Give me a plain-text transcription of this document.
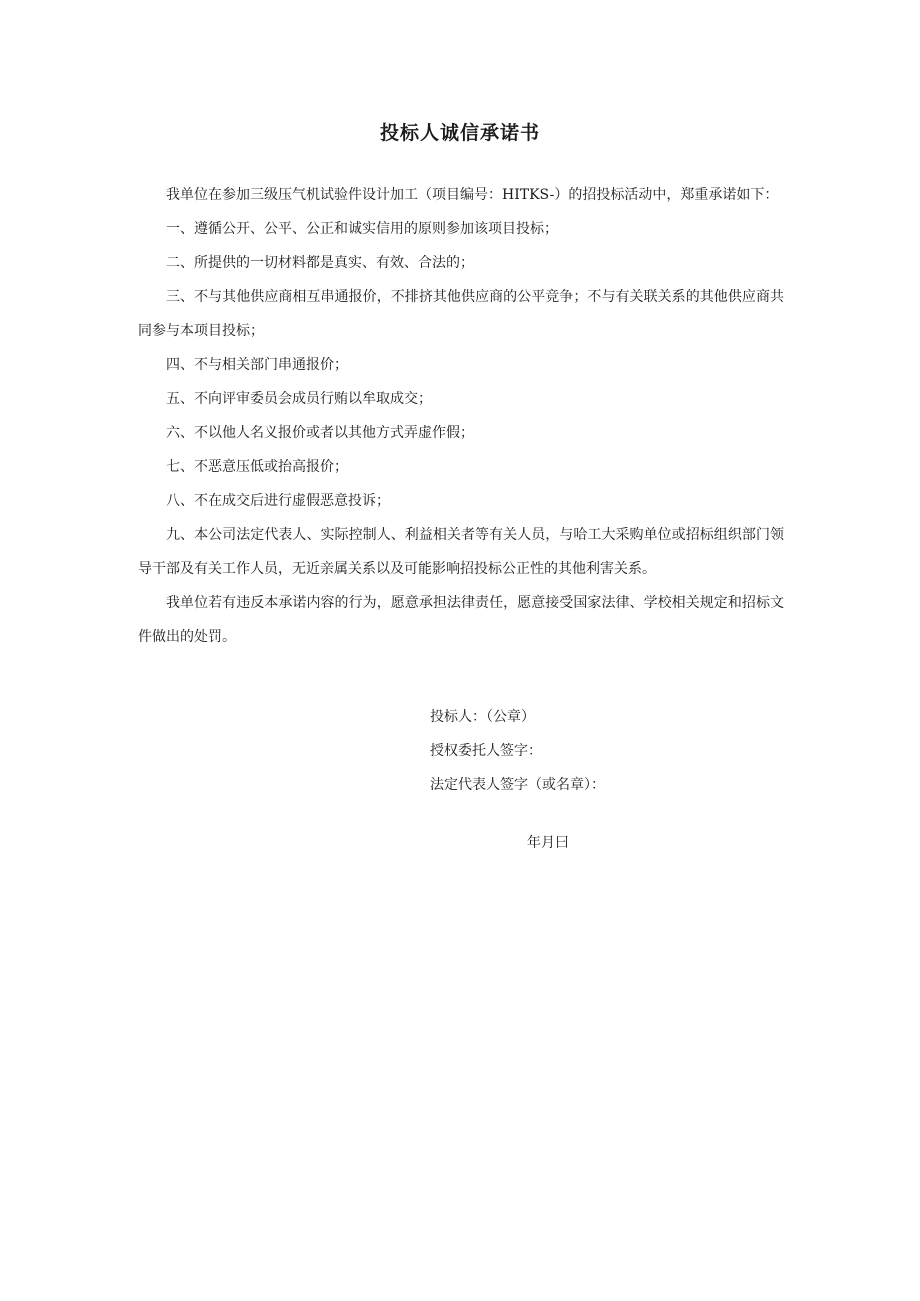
投标人诚信承诺书

我单位在参加三级压气机试验件设计加工（项目编号：HITKS-）的招投标活动中，郑重承诺如下：

一、遵循公开、公平、公正和诚实信用的原则参加该项目投标；

二、所提供的一切材料都是真实、有效、合法的；

三、不与其他供应商相互串通报价，不排挤其他供应商的公平竞争；不与有关联关系的其他供应商共同参与本项目投标；

四、不与相关部门串通报价；

五、不向评审委员会成员行贿以牟取成交；

六、不以他人名义报价或者以其他方式弄虚作假；

七、不恶意压低或抬高报价；

八、不在成交后进行虚假恶意投诉；

九、本公司法定代表人、实际控制人、利益相关者等有关人员，与哈工大采购单位或招标组织部门领导干部及有关工作人员，无近亲属关系以及可能影响招投标公正性的其他利害关系。

我单位若有违反本承诺内容的行为，愿意承担法律责任，愿意接受国家法律、学校相关规定和招标文件做出的处罚。

投标人：（公章）

授权委托人签字：

法定代表人签字（或名章）：

年月曰
